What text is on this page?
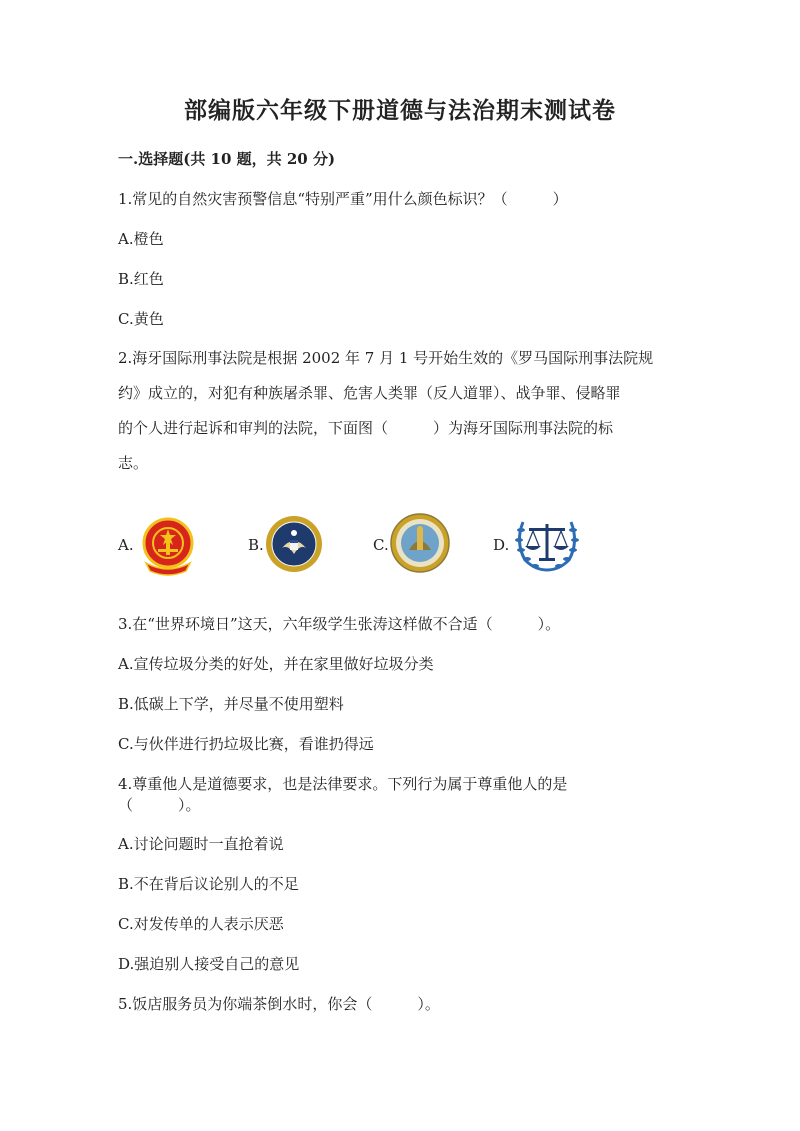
部编版六年级下册道德与法治期末测试卷
一.选择题(共 10 题，共 20 分)
1.常见的自然灾害预警信息“特别严重”用什么颜色标识？（　　　）
A.橙色
B.红色
C.黄色
2.海牙国际刑事法院是根据 2002 年 7 月 1 号开始生效的《罗马国际刑事法院规
约》成立的，对犯有种族屠杀罪、危害人类罪（反人道罪）、战争罪、侵略罪
的个人进行起诉和审判的法院，下面图（　　　）为海牙国际刑事法院的标
志。
A.	B.	C.	D.
3.在“世界环境日”这天，六年级学生张涛这样做不合适（　　　）。
A.宣传垃圾分类的好处，并在家里做好垃圾分类
B.低碳上下学，并尽量不使用塑料
C.与伙伴进行扔垃圾比赛，看谁扔得远
4.尊重他人是道德要求，也是法律要求。下列行为属于尊重他人的是
（　　　）。
A.讨论问题时一直抢着说
B.不在背后议论别人的不足
C.对发传单的人表示厌恶
D.强迫别人接受自己的意见
5.饭店服务员为你端茶倒水时，你会（　　　）。
